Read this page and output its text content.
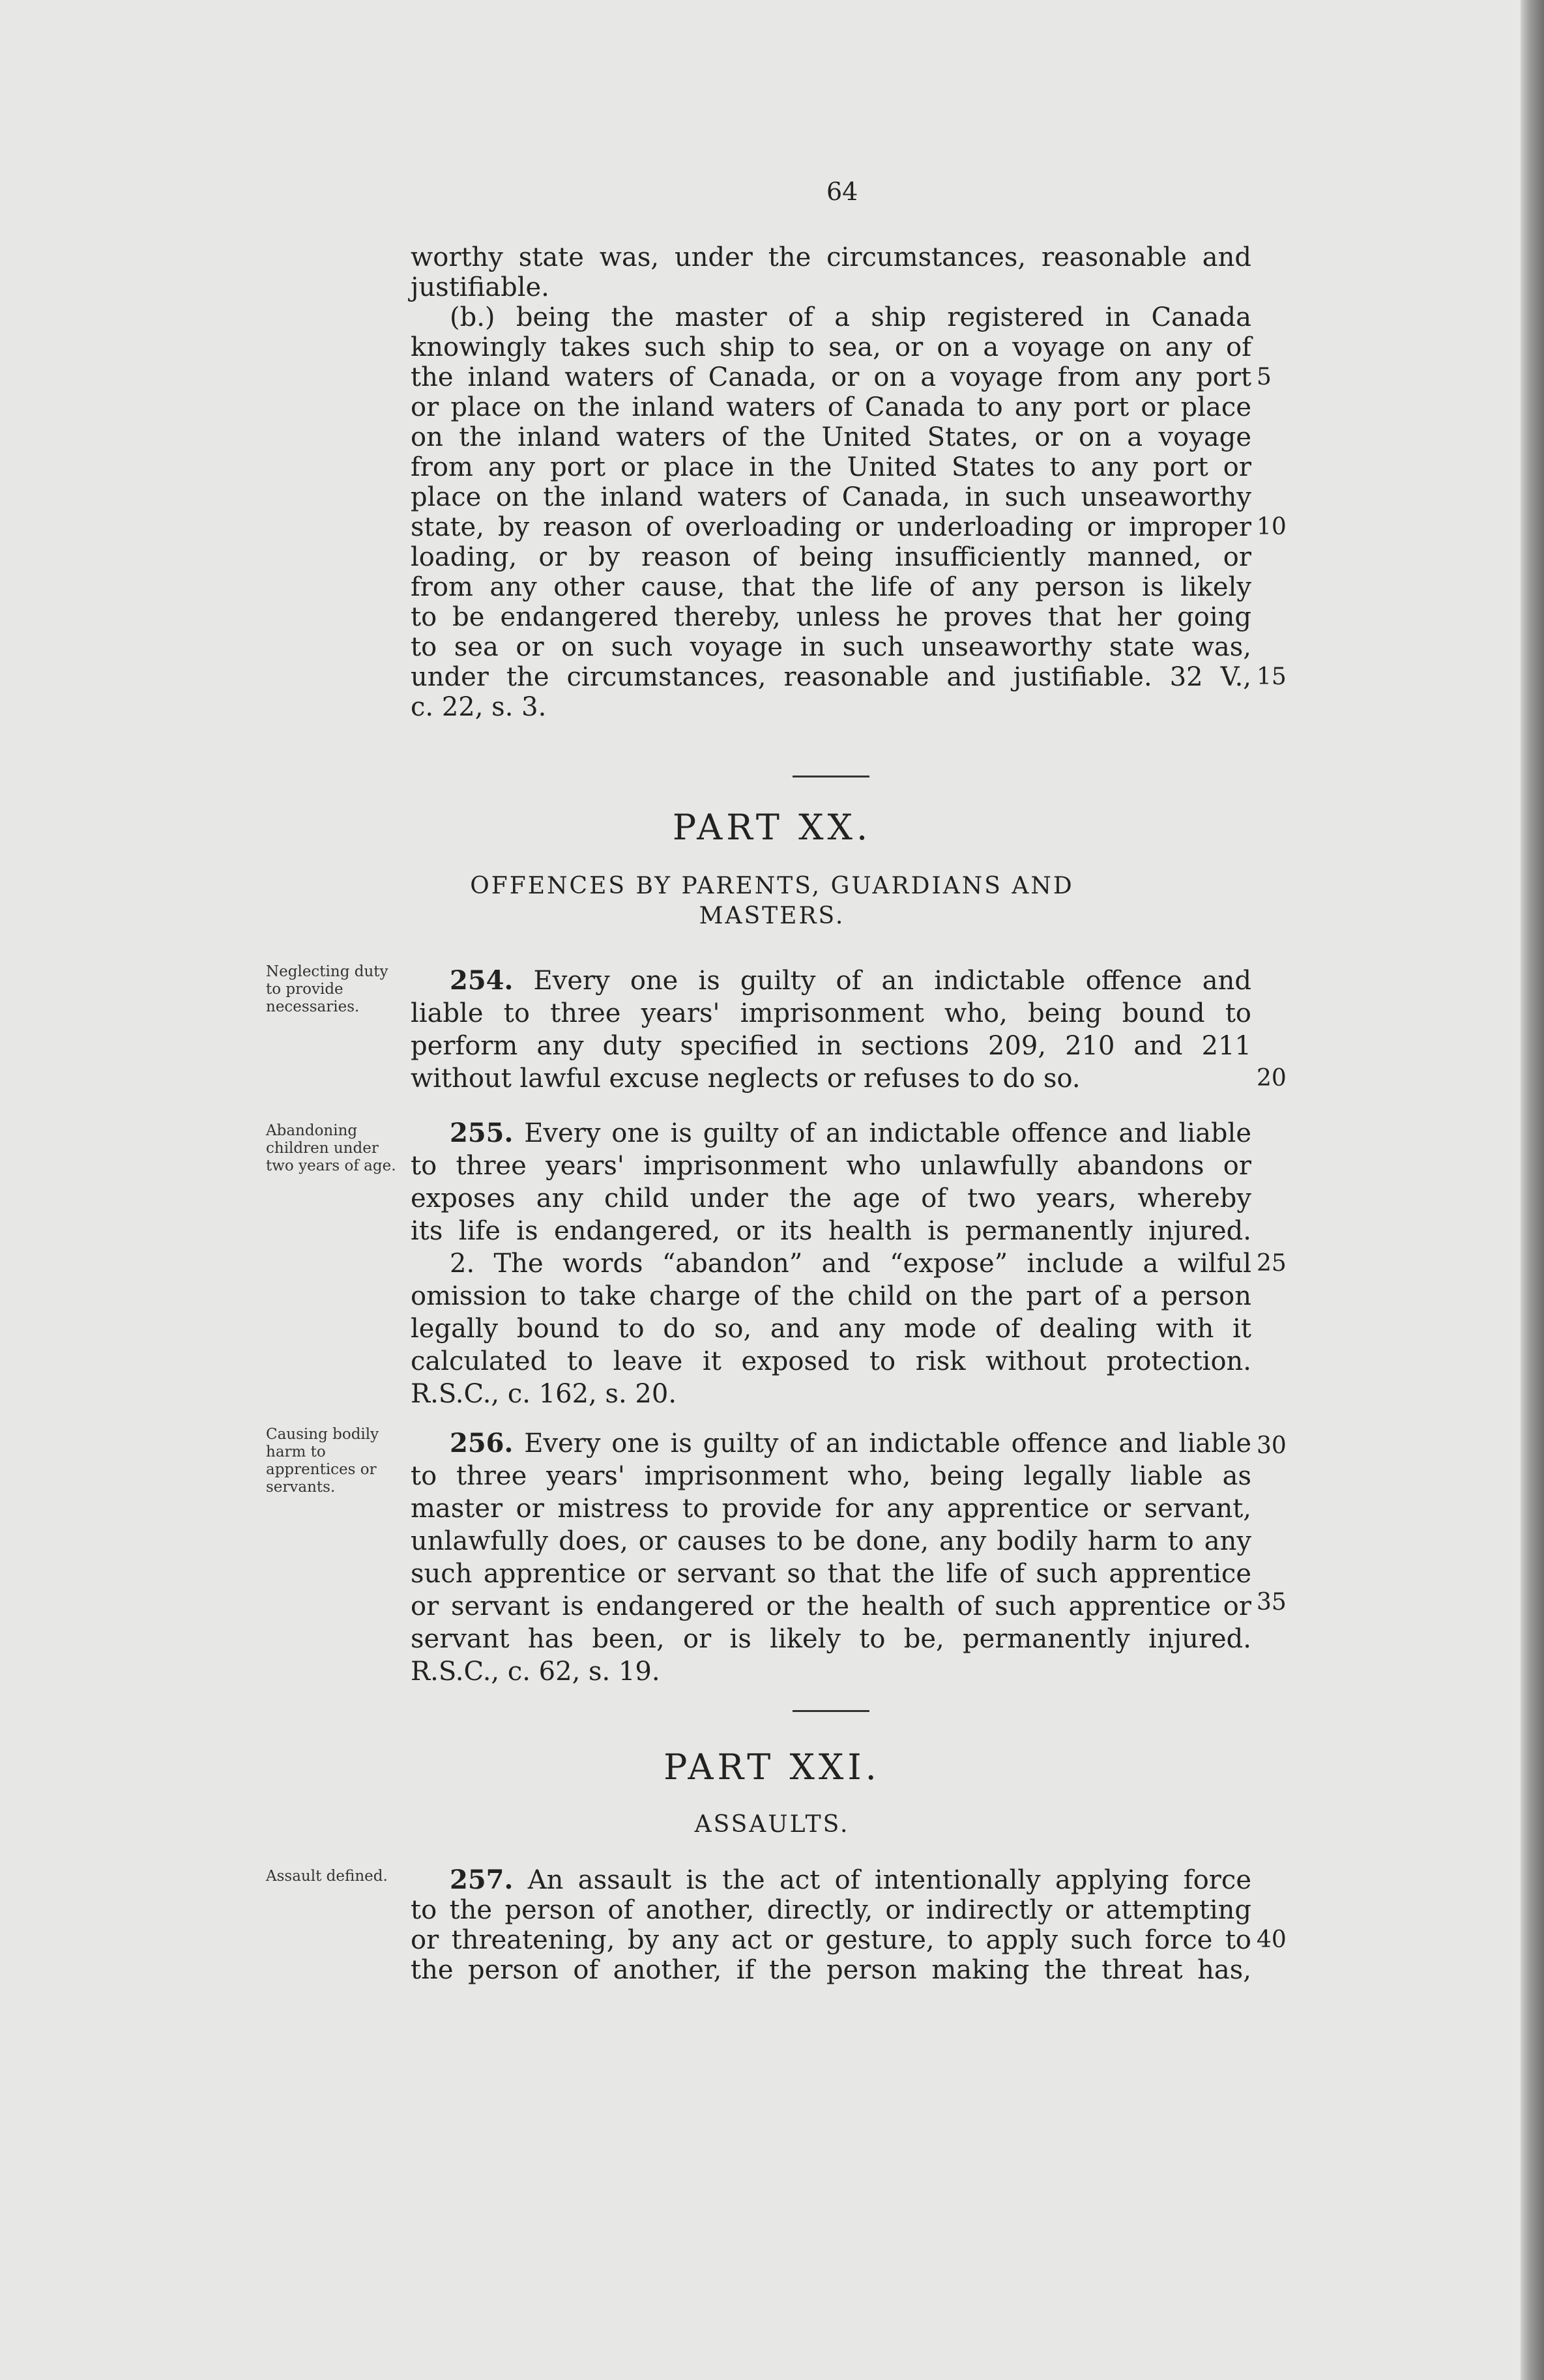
64
worthy state was, under the circumstances, reasonable and
justifiable.
(b.) being the master of a ship registered in Canada
knowingly takes such ship to sea, or on a voyage on any of
the inland waters of Canada, or on a voyage from any port
or place on the inland waters of Canada to any port or place
on the inland waters of the United States, or on a voyage
from any port or place in the United States to any port or
place on the inland waters of Canada, in such unseaworthy
state, by reason of overloading or underloading or improper
loading, or by reason of being insufficiently manned, or
from any other cause, that the life of any person is likely
to be endangered thereby, unless he proves that her going
to sea or on such voyage in such unseaworthy state was,
under the circumstances, reasonable and justifiable. 32 V.,
c. 22, s. 3.
5
10
15
PART XX.
OFFENCES BY PARENTS, GUARDIANS AND
MASTERS.
Neglecting duty to provide necessaries.
254. Every one is guilty of an indictable offence and
liable to three years' imprisonment who, being bound to
perform any duty specified in sections 209, 210 and 211
without lawful excuse neglects or refuses to do so.	20
Abandoning children under two years of age.
255. Every one is guilty of an indictable offence and liable
to three years' imprisonment who unlawfully abandons or
exposes any child under the age of two years, whereby
its life is endangered, or its health is permanently injured.
2. The words “abandon” and “expose” include a wilful
omission to take charge of the child on the part of a person
legally bound to do so, and any mode of dealing with it
calculated to leave it exposed to risk without protection.
R.S.C., c. 162, s. 20.
25
Causing bodily harm to apprentices or servants.
256. Every one is guilty of an indictable offence and liable
to three years' imprisonment who, being legally liable as
master or mistress to provide for any apprentice or servant,
unlawfully does, or causes to be done, any bodily harm to any
such apprentice or servant so that the life of such apprentice
or servant is endangered or the health of such apprentice or
servant has been, or is likely to be, permanently injured.
R.S.C., c. 62, s. 19.
30
35
PART XXI.
ASSAULTS.
Assault defined.	257. An assault is the act of intentionally applying force
to the person of another, directly, or indirectly or attempting
or threatening, by any act or gesture, to apply such force to
the person of another, if the person making the threat has,
40
